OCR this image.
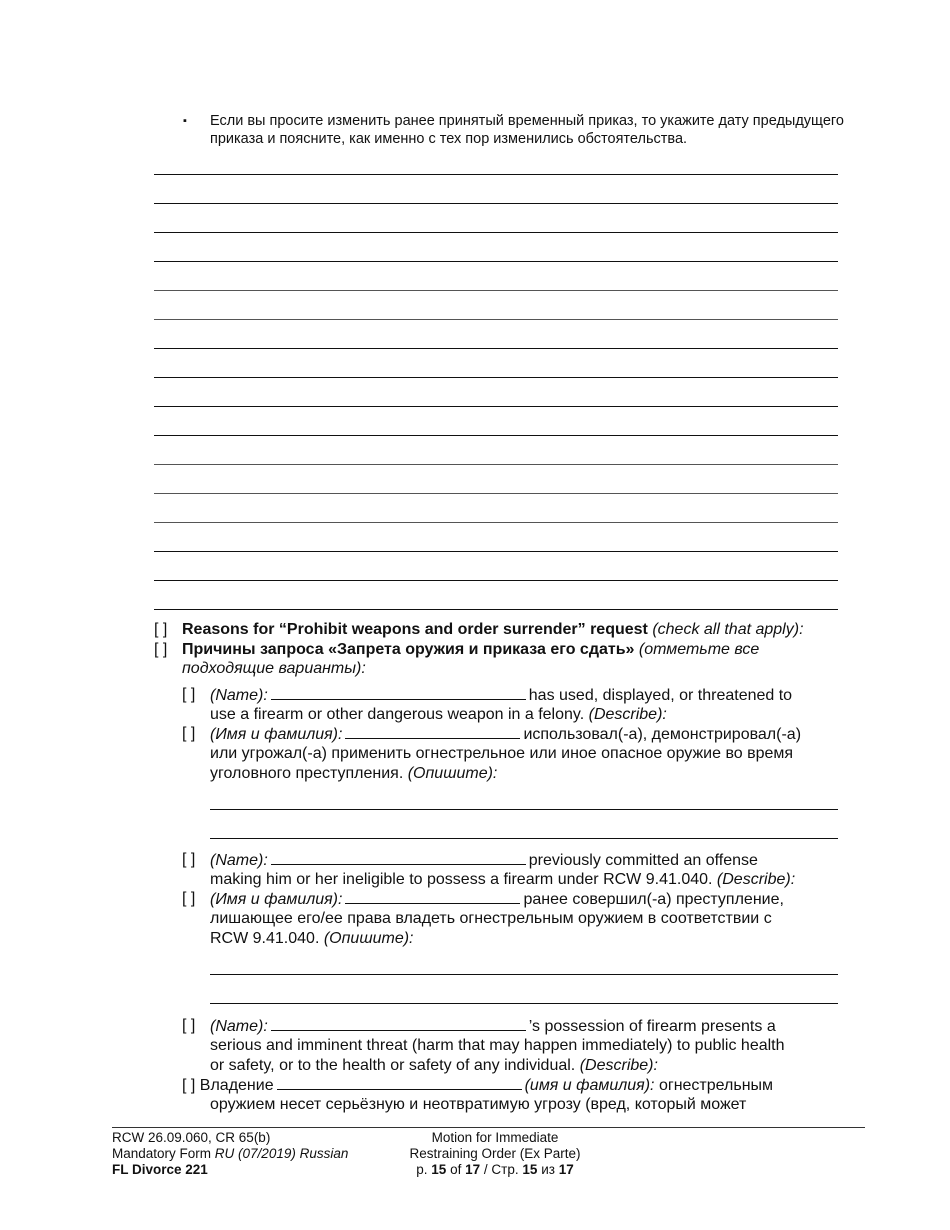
▪ Если вы просите изменить ранее принятый временный приказ, то укажите дату предыдущего приказа и поясните, как именно с тех пор изменились обстоятельства.
[ ] Reasons for “Prohibit weapons and order surrender” request (check all that apply):
[ ] Причины запроса «Запрета оружия и приказа его сдать» (отметьте все
подходящие варианты):
[ ] (Name):	has used, displayed, or threatened to
use a firearm or other dangerous weapon in a felony. (Describe):
[ ] (Имя и фамилия):	использовал(-а), демонстрировал(-а)
или угрожал(-а) применить огнестрельное или иное опасное оружие во время
уголовного преступления. (Опишите):
[ ] (Name):	previously committed an offense
making him or her ineligible to possess a firearm under RCW 9.41.040. (Describe):
[ ] (Имя и фамилия):	ранее совершил(-а) преступление,
лишающее его/ее права владеть огнестрельным оружием в соответствии с
RCW 9.41.040. (Опишите):
[ ] (Name):	’s possession of firearm presents a
serious and imminent threat (harm that may happen immediately) to public health
or safety, or to the health or safety of any individual. (Describe):
[ ] Владение	(имя и фамилия): огнестрельным
оружием несет серьёзную и неотвратимую угрозу (вред, который может
RCW 26.09.060, CR 65(b)
Mandatory Form RU (07/2019) Russian
FL Divorce 221
Motion for Immediate
Restraining Order (Ex Parte)
p. 15 of 17 / Стр. 15 из 17
